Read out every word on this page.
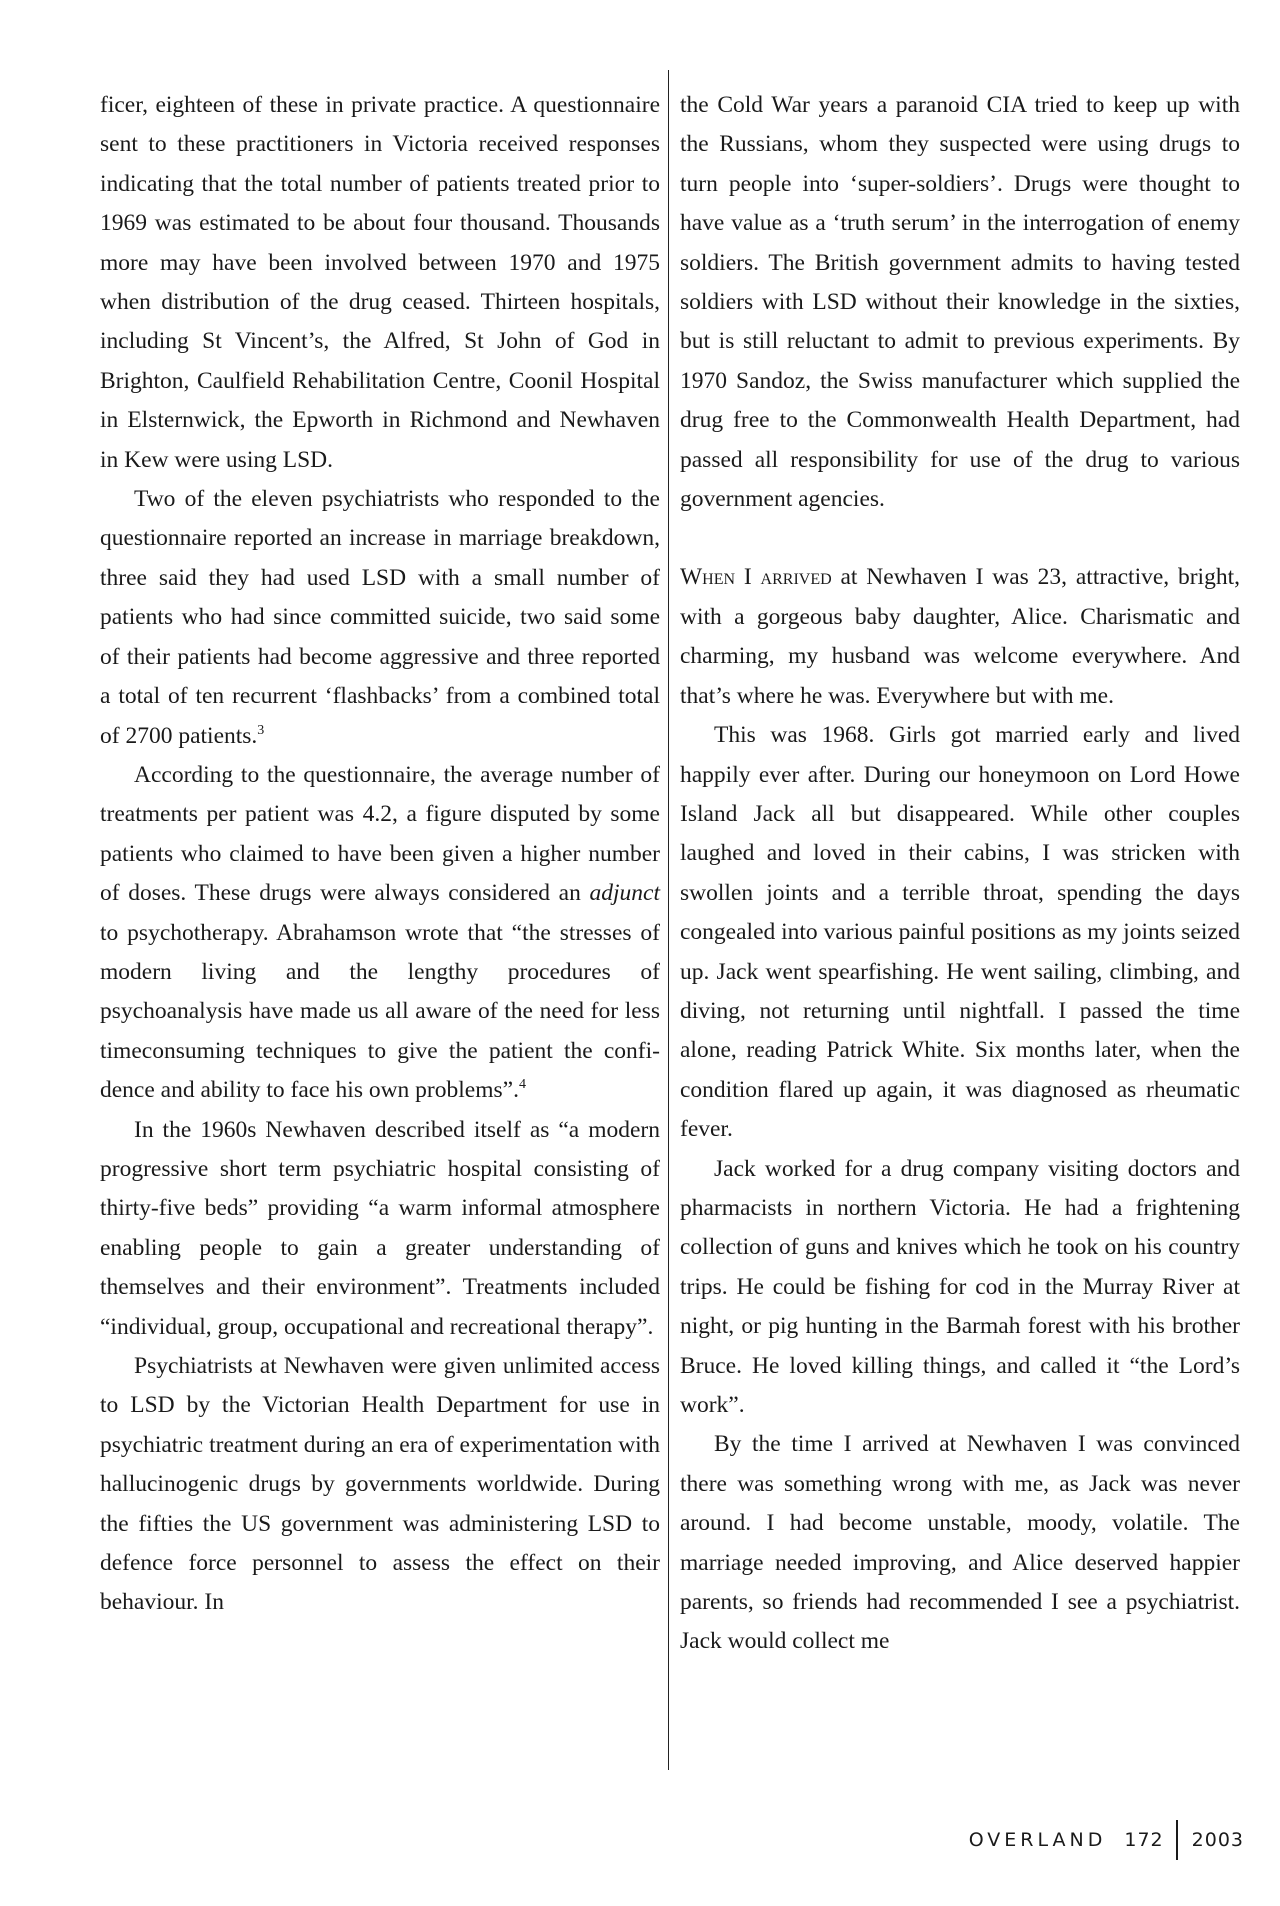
ficer, eighteen of these in private practice. A questionnaire sent to these practitioners in Victoria received responses indicating that the total number of patients treated prior to 1969 was estimated to be about four thousand. Thousands more may have been involved between 1970 and 1975 when distribution of the drug ceased. Thirteen hospitals, including St Vincent’s, the Alfred, St John of God in Brighton, Caulfield Rehabilitation Centre, Coonil Hospital in Elsternwick, the Epworth in Richmond and Newhaven in Kew were using LSD.

Two of the eleven psychiatrists who responded to the questionnaire reported an increase in marriage breakdown, three said they had used LSD with a small number of patients who had since committed suicide, two said some of their patients had become aggressive and three reported a total of ten recurrent ‘flashbacks’ from a combined total of 2700 patients.$^3$

According to the questionnaire, the average number of treatments per patient was 4.2, a figure disputed by some patients who claimed to have been given a higher number of doses. These drugs were always considered an adjunct to psychotherapy. Abrahamson wrote that “the stresses of modern living and the lengthy procedures of psychoanalysis have made us all aware of the need for less timeconsuming techniques to give the patient the confidence and ability to face his own problems”.$^4$

In the 1960s Newhaven described itself as “a modern progressive short term psychiatric hospital consisting of thirty-five beds” providing “a warm informal atmosphere enabling people to gain a greater understanding of themselves and their environment”. Treatments included “individual, group, occupational and recreational therapy”.

Psychiatrists at Newhaven were given unlimited access to LSD by the Victorian Health Department for use in psychiatric treatment during an era of experimentation with hallucinogenic drugs by governments worldwide. During the fifties the US government was administering LSD to defence force personnel to assess the effect on their behaviour. In

the Cold War years a paranoid CIA tried to keep up with the Russians, whom they suspected were using drugs to turn people into ‘super-soldiers’. Drugs were thought to have value as a ‘truth serum’ in the interrogation of enemy soldiers. The British government admits to having tested soldiers with LSD without their knowledge in the sixties, but is still reluctant to admit to previous experiments. By 1970 Sandoz, the Swiss manufacturer which supplied the drug free to the Commonwealth Health Department, had passed all responsibility for use of the drug to various government agencies.

When I arrived at Newhaven I was 23, attractive, bright, with a gorgeous baby daughter, Alice. Charismatic and charming, my husband was welcome everywhere. And that’s where he was. Everywhere but with me.

This was 1968. Girls got married early and lived happily ever after. During our honeymoon on Lord Howe Island Jack all but disappeared. While other couples laughed and loved in their cabins, I was stricken with swollen joints and a terrible throat, spending the days congealed into various painful positions as my joints seized up. Jack went spearfishing. He went sailing, climbing, and diving, not returning until nightfall. I passed the time alone, reading Patrick White. Six months later, when the condition flared up again, it was diagnosed as rheumatic fever.

Jack worked for a drug company visiting doctors and pharmacists in northern Victoria. He had a frightening collection of guns and knives which he took on his country trips. He could be fishing for cod in the Murray River at night, or pig hunting in the Barmah forest with his brother Bruce. He loved killing things, and called it “the Lord’s work”.

By the time I arrived at Newhaven I was convinced there was something wrong with me, as Jack was never around. I had become unstable, moody, volatile. The marriage needed improving, and Alice deserved happier parents, so friends had recommended I see a psychiatrist. Jack would collect me

OVERLAND 172 2003
